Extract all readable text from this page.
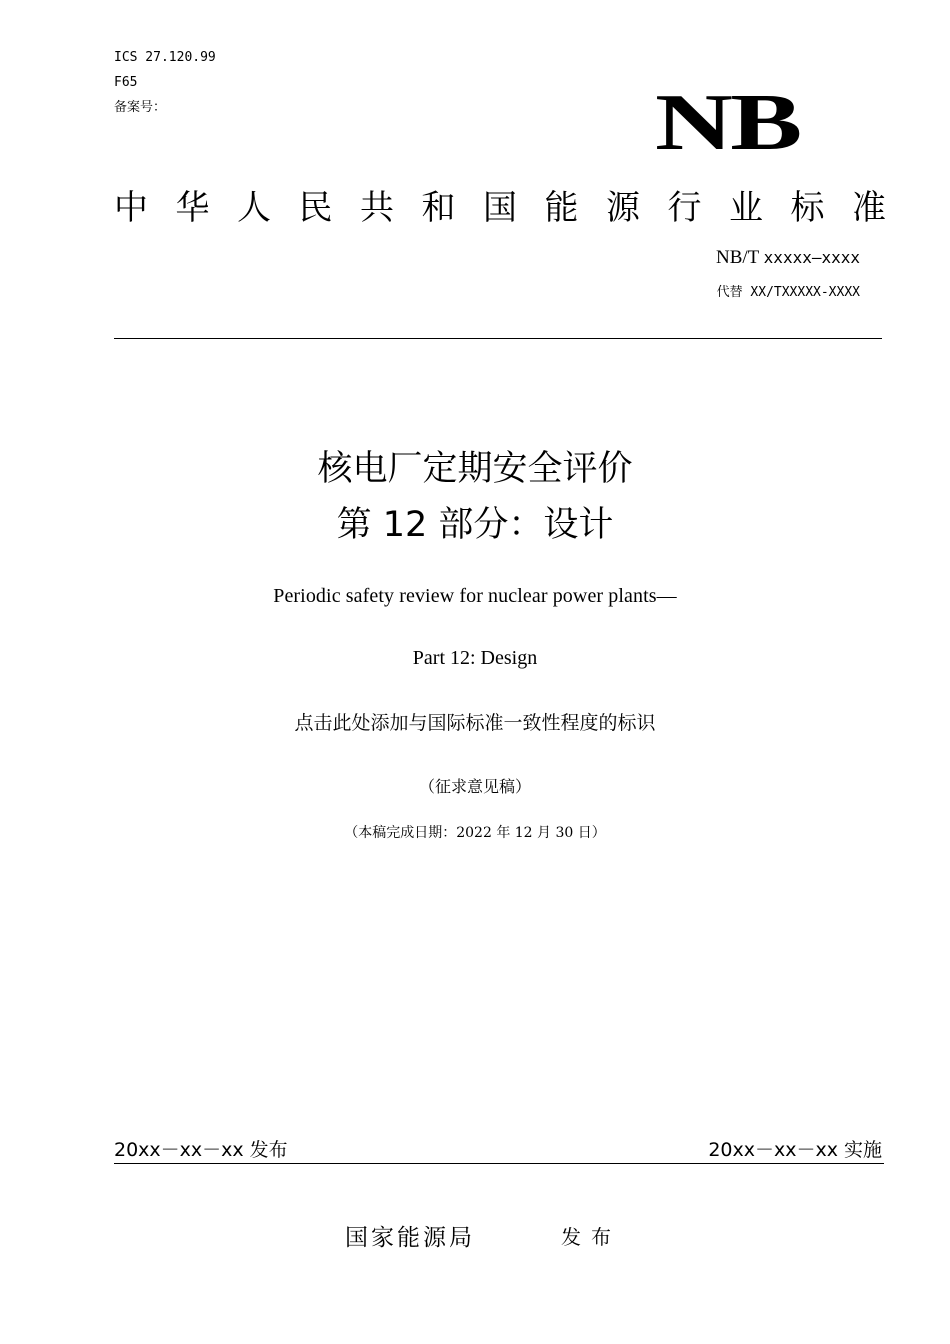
ICS 27.120.99
F65
备案号：	NB
中 华 人 民 共 和 国 能 源 行 业 标 准
NB/T xxxxx—xxxx
代替 XX/TXXXXX-XXXX
核电厂定期安全评价
第 12 部分：设计
Periodic safety review for nuclear power plants—
Part 12: Design
点击此处添加与国际标准一致性程度的标识
（征求意见稿）
（本稿完成日期：2022 年 12 月 30 日）
20xx－xx－xx 发布	20xx－xx－xx 实施
国家能源局	发布
